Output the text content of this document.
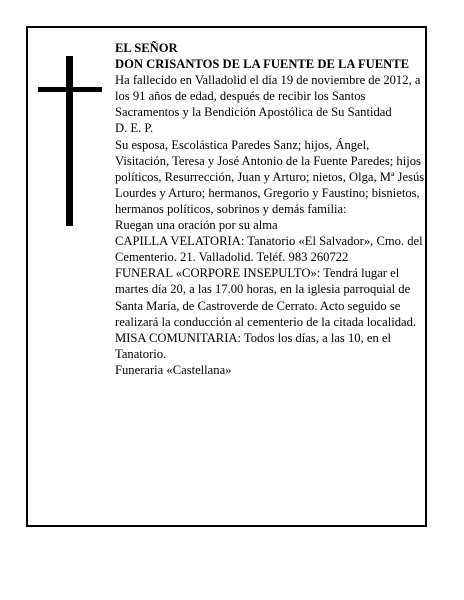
EL SEÑOR

DON CRISANTOS DE LA FUENTE DE LA FUENTE

Ha fallecido en Valladolid el día 19 de noviembre de 2012, a los 91 años de edad, después de recibir los Santos Sacramentos y la Bendición Apostólica de Su Santidad

D. E. P.

Su esposa, Escolástica Paredes Sanz; hijos, Ángel, Visitación, Teresa y José Antonio de la Fuente Paredes; hijos políticos, Resurrección, Juan y Arturo; nietos, Olga, Mª Jesús Lourdes y Arturo; hermanos, Gregorio y Faustino; bisnietos, hermanos políticos, sobrinos y demás familia:

Ruegan una oración por su alma

CAPILLA VELATORIA: Tanatorio «El Salvador», Cmo. del Cementerio. 21. Valladolid. Teléf. 983 260722

FUNERAL «CORPORE INSEPULTO»: Tendrá lugar el martes día 20, a las 17.00 horas, en la iglesia parroquial de Santa María, de Castroverde de Cerrato. Acto seguido se realizará la conducción al cementerio de la citada localidad.

MISA COMUNITARIA: Todos los días, a las 10, en el Tanatorio.

Funeraria «Castellana»
